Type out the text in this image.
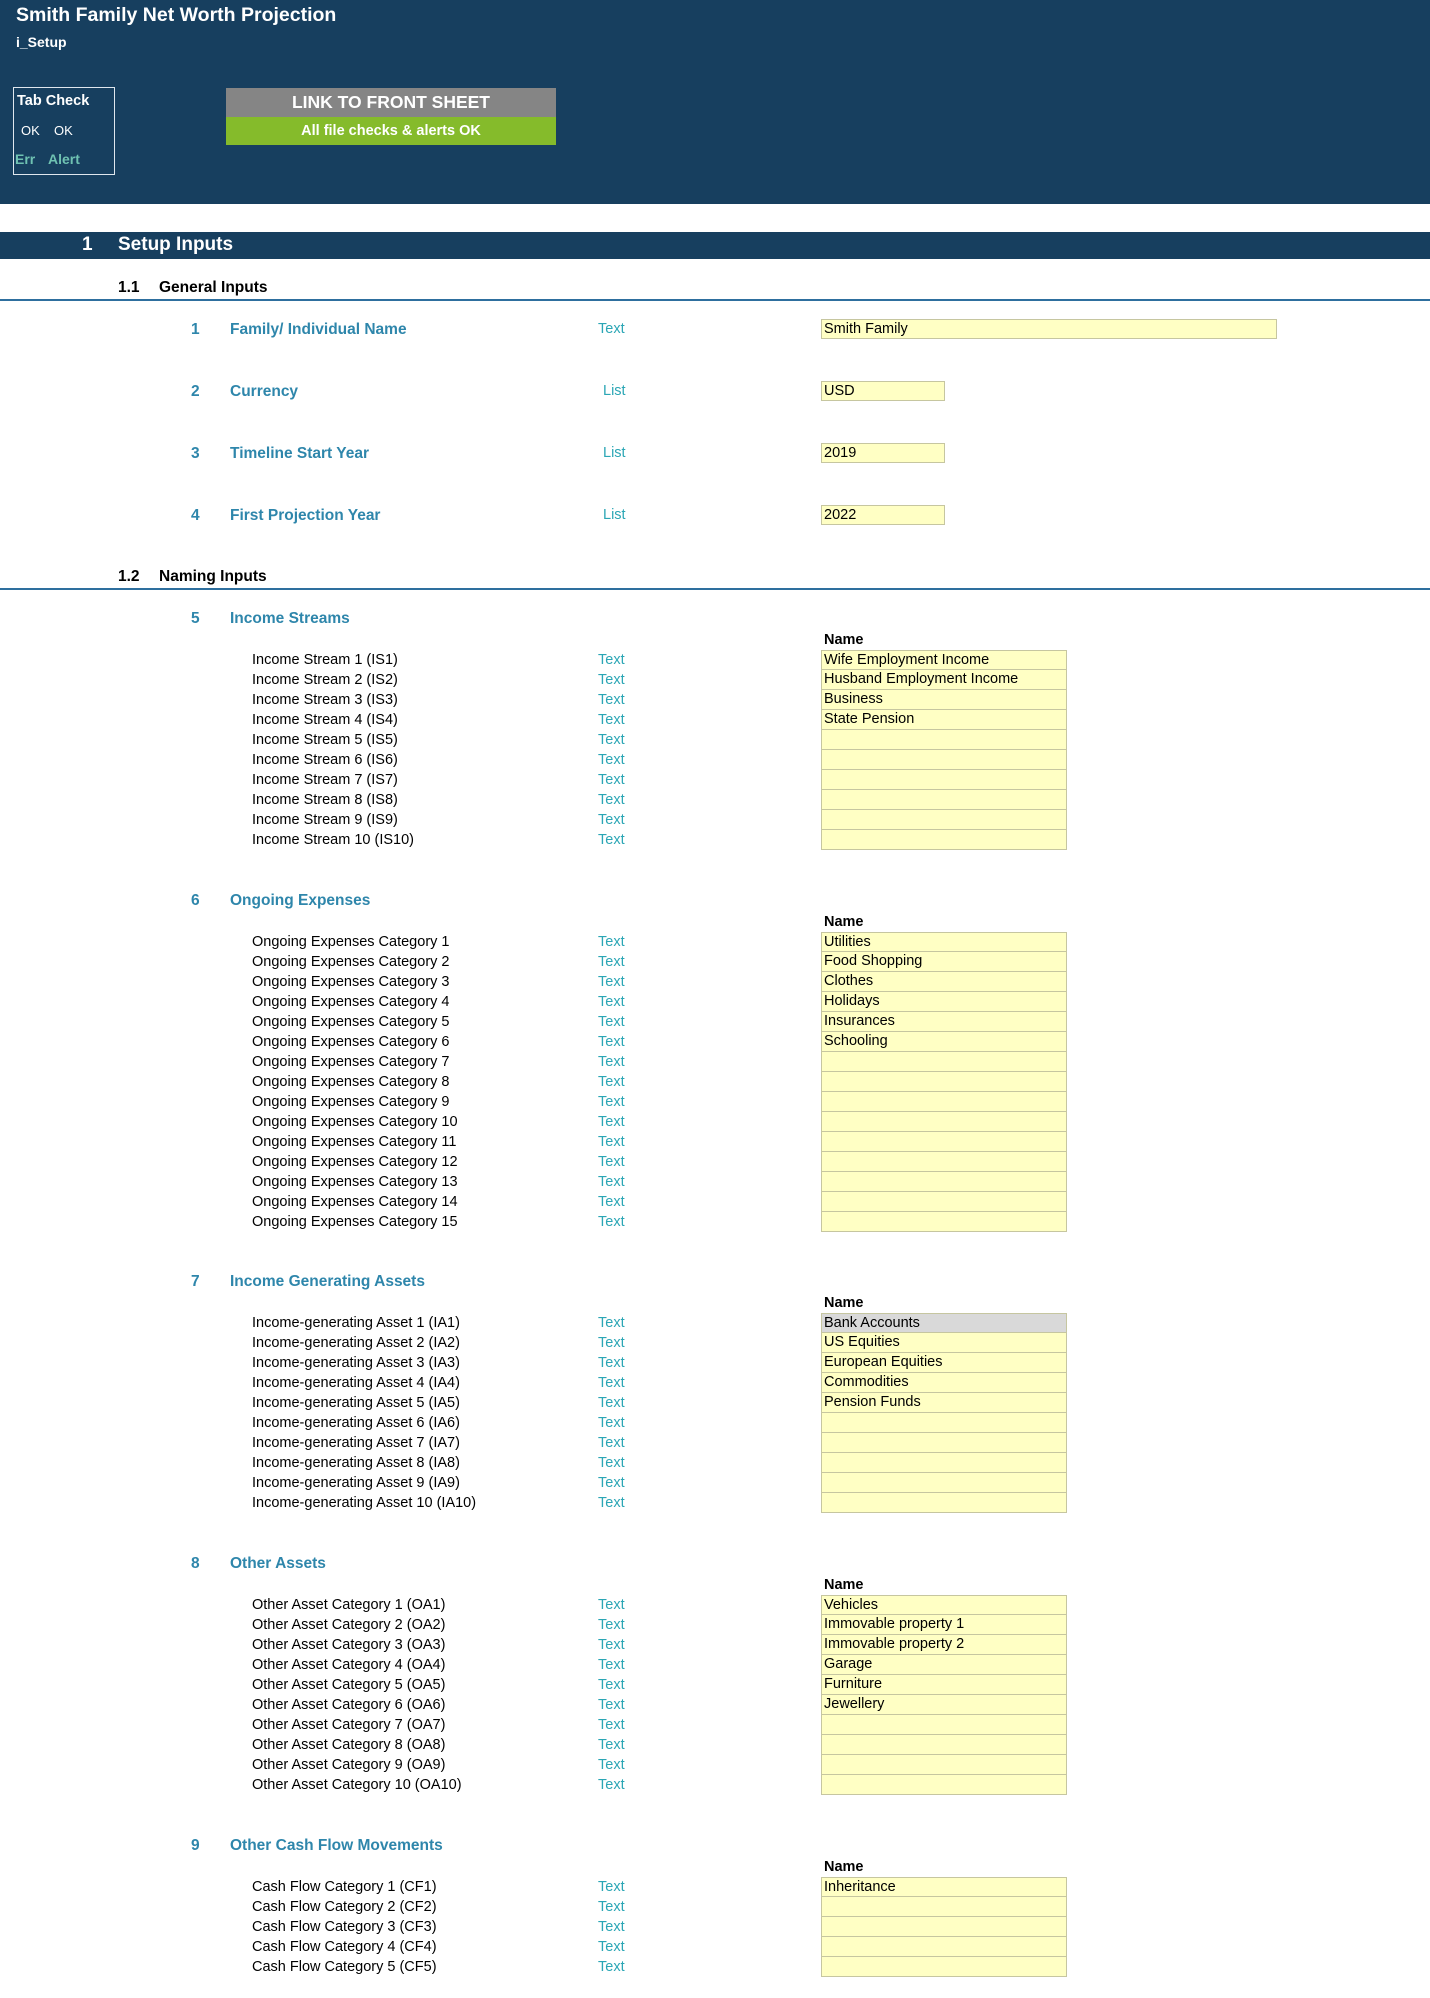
Smith Family Net Worth Projection
i_Setup
Tab Check
OK OK
Err Alert
LINK TO FRONT SHEET
All file checks & alerts OK
1 Setup Inputs
1.1 General Inputs
1 Family/ Individual Name	Text	Smith Family
2 Currency	List	USD
3 Timeline Start Year	List	2019
4 First Projection Year	List	2022
1.2 Naming Inputs
5 Income Streams
Name
Income Stream 1 (IS1)	Text	Wife Employment Income
Income Stream 2 (IS2)	Text	Husband Employment Income
Income Stream 3 (IS3)	Text	Business
Income Stream 4 (IS4)	Text	State Pension
Income Stream 5 (IS5)	Text
Income Stream 6 (IS6)	Text
Income Stream 7 (IS7)	Text
Income Stream 8 (IS8)	Text
Income Stream 9 (IS9)	Text
Income Stream 10 (IS10)	Text
6 Ongoing Expenses
Name
Ongoing Expenses Category 1	Text	Utilities
Ongoing Expenses Category 2	Text	Food Shopping
Ongoing Expenses Category 3	Text	Clothes
Ongoing Expenses Category 4	Text	Holidays
Ongoing Expenses Category 5	Text	Insurances
Ongoing Expenses Category 6	Text	Schooling
Ongoing Expenses Category 7	Text
Ongoing Expenses Category 8	Text
Ongoing Expenses Category 9	Text
Ongoing Expenses Category 10	Text
Ongoing Expenses Category 11	Text
Ongoing Expenses Category 12	Text
Ongoing Expenses Category 13	Text
Ongoing Expenses Category 14	Text
Ongoing Expenses Category 15	Text
7 Income Generating Assets
Name
Income-generating Asset 1 (IA1)	Text	Bank Accounts
Income-generating Asset 2 (IA2)	Text	US Equities
Income-generating Asset 3 (IA3)	Text	European Equities
Income-generating Asset 4 (IA4)	Text	Commodities
Income-generating Asset 5 (IA5)	Text	Pension Funds
Income-generating Asset 6 (IA6)	Text
Income-generating Asset 7 (IA7)	Text
Income-generating Asset 8 (IA8)	Text
Income-generating Asset 9 (IA9)	Text
Income-generating Asset 10 (IA10)	Text
8 Other Assets
Name
Other Asset Category 1 (OA1)	Text	Vehicles
Other Asset Category 2 (OA2)	Text	Immovable property 1
Other Asset Category 3 (OA3)	Text	Immovable property 2
Other Asset Category 4 (OA4)	Text	Garage
Other Asset Category 5 (OA5)	Text	Furniture
Other Asset Category 6 (OA6)	Text	Jewellery
Other Asset Category 7 (OA7)	Text
Other Asset Category 8 (OA8)	Text
Other Asset Category 9 (OA9)	Text
Other Asset Category 10 (OA10)	Text
9 Other Cash Flow Movements
Name
Cash Flow Category 1 (CF1)	Text	Inheritance
Cash Flow Category 2 (CF2)	Text
Cash Flow Category 3 (CF3)	Text
Cash Flow Category 4 (CF4)	Text
Cash Flow Category 5 (CF5)	Text
